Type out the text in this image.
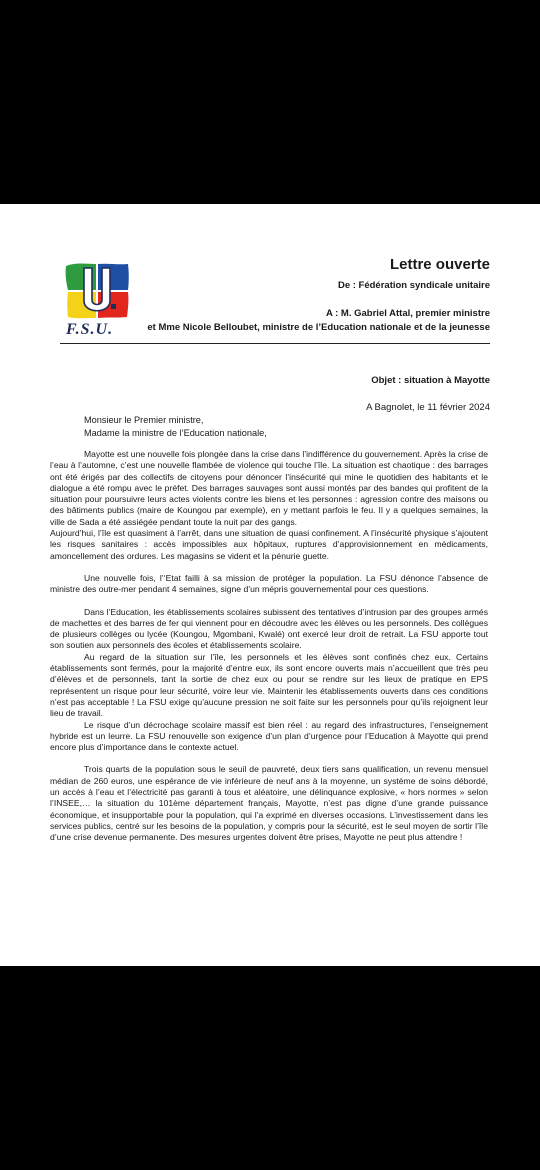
F.S.U.
Lettre ouverte
De : Fédération syndicale unitaire
A : M. Gabriel Attal, premier ministre
et Mme Nicole Belloubet, ministre de l’Education nationale et de la jeunesse
Objet : situation à Mayotte
A Bagnolet, le 11 février 2024
Monsieur le Premier ministre,
Madame la ministre de l’Education nationale,

Mayotte est une nouvelle fois plongée dans la crise dans l’indifférence du gouvernement. Après la crise de l’eau à l’automne, c’est une nouvelle flambée de violence qui touche l’île. La situation est chaotique : des barrages ont été érigés par des collectifs de citoyens pour dénoncer l’insécurité qui mine le quotidien des habitants et le dialogue a été rompu avec le préfet. Des barrages sauvages sont aussi montés par des bandes qui profitent de la situation pour poursuivre leurs actes violents contre les biens et les personnes : agression contre des maisons ou des bâtiments publics (maire de Koungou par exemple), en y mettant parfois le feu. Il y a quelques semaines, la ville de Sada a été assiégée pendant toute la nuit par des gangs.

Aujourd’hui, l’île est quasiment à l’arrêt, dans une situation de quasi confinement. A l’insécurité physique s’ajoutent les risques sanitaires : accès impossibles aux hôpitaux, ruptures d’approvisionnement en médicaments, amoncellement des ordures. Les magasins se vident et la pénurie guette.

Une nouvelle fois, l’‘Etat failli à sa mission de protéger la population. La FSU dénonce l’absence de ministre des outre-mer pendant 4 semaines, signe d’un mépris gouvernemental pour ces questions.

Dans l’Education, les établissements scolaires subissent des tentatives d’intrusion par des groupes armés de machettes et des barres de fer qui viennent pour en découdre avec les élèves ou les personnels. Des collègues de plusieurs collèges ou lycée (Koungou, Mgombani, Kwalé) ont exercé leur droit de retrait. La FSU apporte tout son soutien aux personnels des écoles et établissements scolaire.

Au regard de la situation sur l’île, les personnels et les élèves sont confinés chez eux. Certains établissements sont fermés, pour la majorité d’entre eux, ils sont encore ouverts mais n’accueillent que très peu d’élèves et de personnels, tant la sortie de chez eux ou pour se rendre sur les lieux de pratique en EPS représentent un risque pour leur sécurité, voire leur vie. Maintenir les établissements ouverts dans ces conditions n’est pas acceptable ! La FSU exige qu’aucune pression ne soit faite sur les personnels pour qu’ils rejoignent leur lieu de travail.

Le risque d’un décrochage scolaire massif est bien réel : au regard des infrastructures, l’enseignement hybride est un leurre. La FSU renouvelle son exigence d’un plan d’urgence pour l’Education à Mayotte qui prend encore plus d’importance dans le contexte actuel.

Trois quarts de la population sous le seuil de pauvreté, deux tiers sans qualification, un revenu mensuel médian de 260 euros, une espérance de vie inférieure de neuf ans à la moyenne, un système de soins débordé, un accès à l’eau et l’électricité pas garanti à tous et aléatoire, une délinquance explosive, « hors normes » selon l’INSEE,… la situation du 101ème département français, Mayotte, n’est pas digne d’une grande puissance économique, et insupportable pour la population, qui l’a exprimé en diverses occasions. L’investissement dans les services publics, centré sur les besoins de la population, y compris pour la sécurité, est le seul moyen de sortir l’île d’une crise devenue permanente. Des mesures urgentes doivent être prises, Mayotte ne peut plus attendre !
